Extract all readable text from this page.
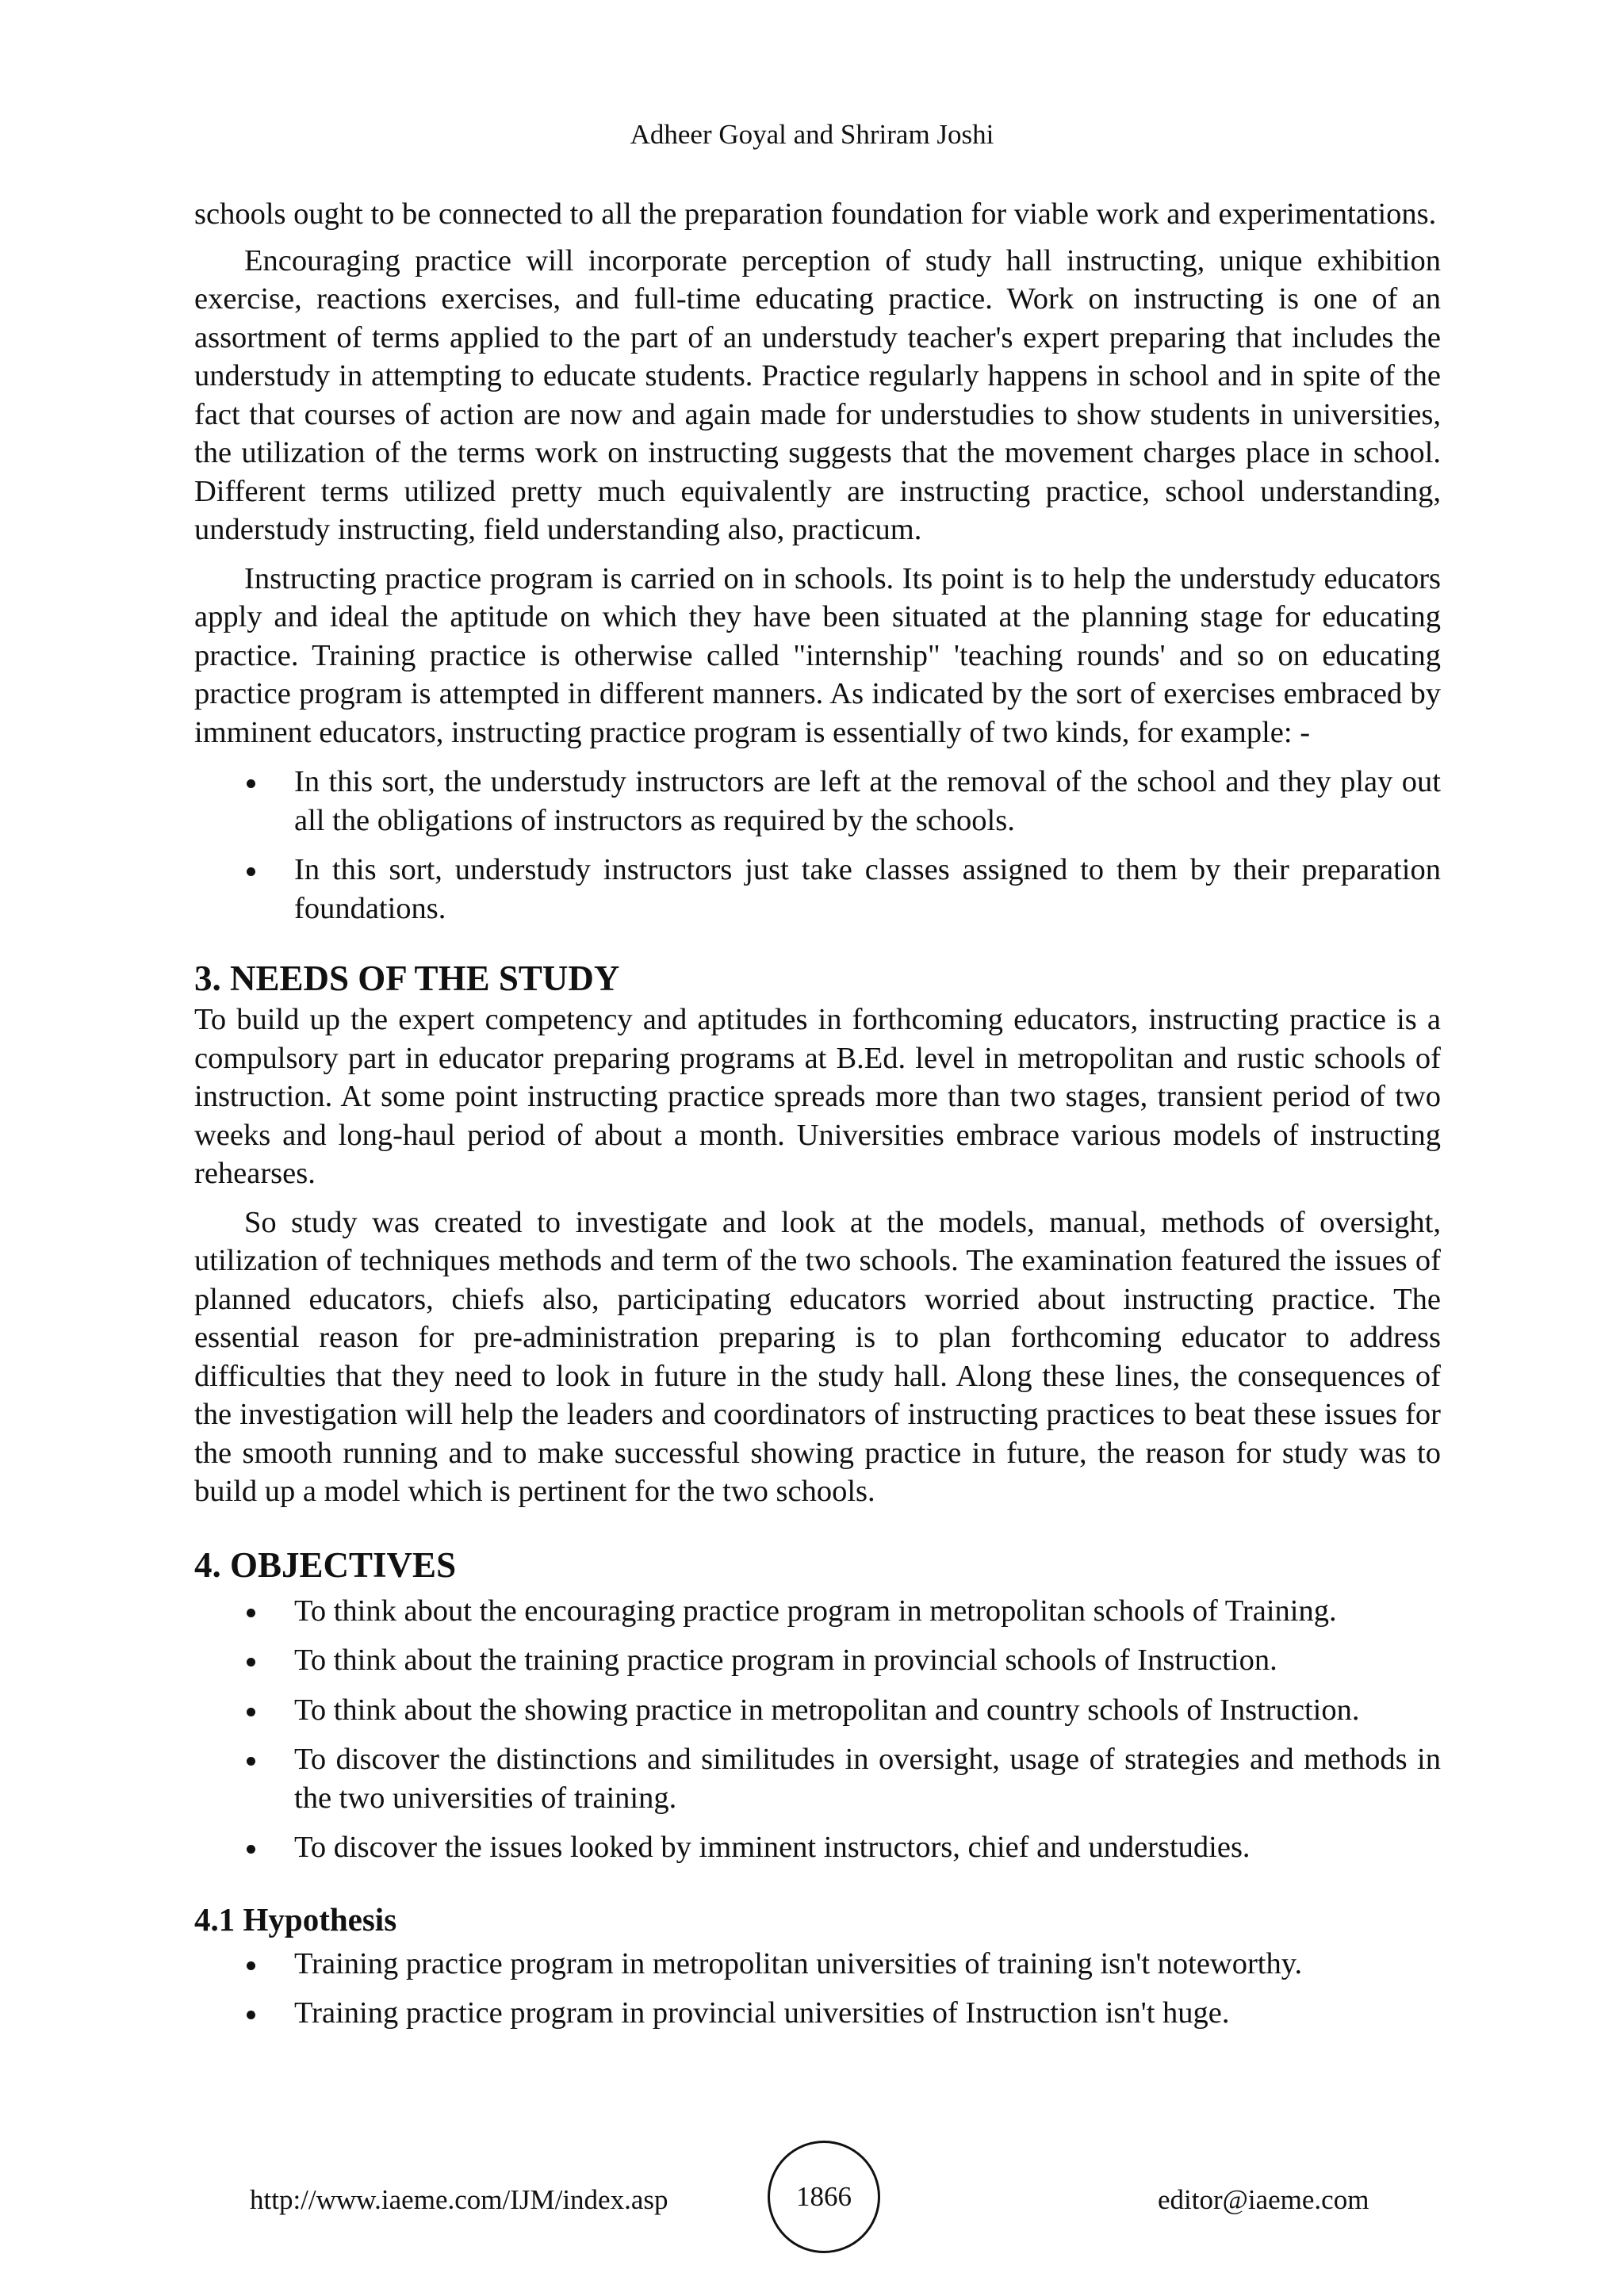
Adheer Goyal and Shriram Joshi

schools ought to be connected to all the preparation foundation for viable work and experimentations.

Encouraging practice will incorporate perception of study hall instructing, unique exhibition exercise, reactions exercises, and full-time educating practice. Work on instructing is one of an assortment of terms applied to the part of an understudy teacher's expert preparing that includes the understudy in attempting to educate students. Practice regularly happens in school and in spite of the fact that courses of action are now and again made for understudies to show students in universities, the utilization of the terms work on instructing suggests that the movement charges place in school. Different terms utilized pretty much equivalently are instructing practice, school understanding, understudy instructing, field understanding also, practicum.

Instructing practice program is carried on in schools. Its point is to help the understudy educators apply and ideal the aptitude on which they have been situated at the planning stage for educating practice. Training practice is otherwise called "internship" 'teaching rounds' and so on educating practice program is attempted in different manners. As indicated by the sort of exercises embraced by imminent educators, instructing practice program is essentially of two kinds, for example: -

In this sort, the understudy instructors are left at the removal of the school and they play out all the obligations of instructors as required by the schools.
In this sort, understudy instructors just take classes assigned to them by their preparation foundations.
3. NEEDS OF THE STUDY

To build up the expert competency and aptitudes in forthcoming educators, instructing practice is a compulsory part in educator preparing programs at B.Ed. level in metropolitan and rustic schools of instruction. At some point instructing practice spreads more than two stages, transient period of two weeks and long-haul period of about a month. Universities embrace various models of instructing rehearses.

So study was created to investigate and look at the models, manual, methods of oversight, utilization of techniques methods and term of the two schools. The examination featured the issues of planned educators, chiefs also, participating educators worried about instructing practice. The essential reason for pre-administration preparing is to plan forthcoming educator to address difficulties that they need to look in future in the study hall. Along these lines, the consequences of the investigation will help the leaders and coordinators of instructing practices to beat these issues for the smooth running and to make successful showing practice in future, the reason for study was to build up a model which is pertinent for the two schools.

4. OBJECTIVES
To think about the encouraging practice program in metropolitan schools of Training.
To think about the training practice program in provincial schools of Instruction.
To think about the showing practice in metropolitan and country schools of Instruction.
To discover the distinctions and similitudes in oversight, usage of strategies and methods in the two universities of training.
To discover the issues looked by imminent instructors, chief and understudies.
4.1 Hypothesis
Training practice program in metropolitan universities of training isn't noteworthy.
Training practice program in provincial universities of Instruction isn't huge.
http://www.iaeme.com/IJM/index.asp	1866	editor@iaeme.com
